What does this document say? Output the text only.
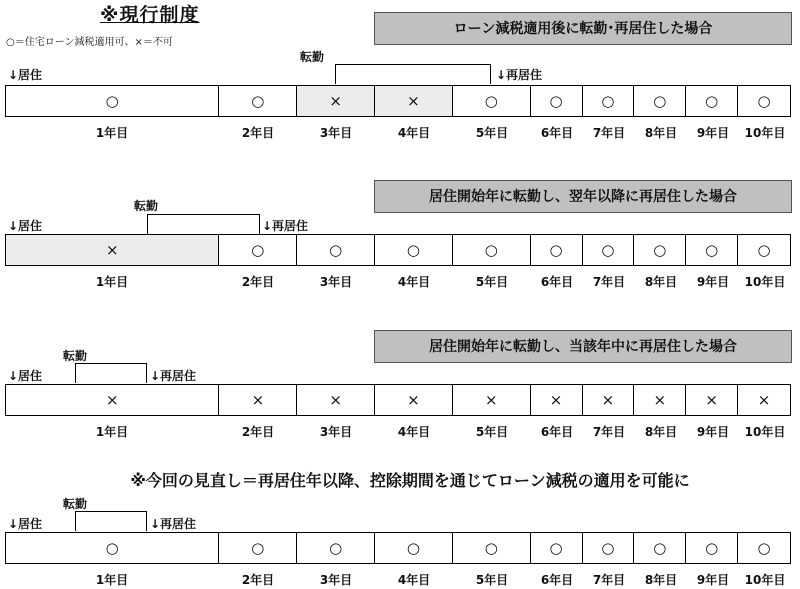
※現行制度
○＝住宅ローン減税適用可、×＝不可
ローン減税適用後に転勤･再居住した場合
↓居住
転勤
↓再居住
○	○	×	×	○	○	○	○	○	○
1年目	2年目	3年目	4年目	5年目	6年目	7年目	8年目	9年目	10年目
居住開始年に転勤し、翌年以降に再居住した場合
↓居住
転勤
↓再居住
×	○	○	○	○	○	○	○	○	○
1年目	2年目	3年目	4年目	5年目	6年目	7年目	8年目	9年目	10年目
居住開始年に転勤し、当該年中に再居住した場合
↓居住
転勤
↓再居住
×	×	×	×	×	×	×	×	×	×
1年目	2年目	3年目	4年目	5年目	6年目	7年目	8年目	9年目	10年目
※今回の見直し＝再居住年以降、控除期間を通じてローン減税の適用を可能に
↓居住
転勤
↓再居住
○	○	○	○	○	○	○	○	○	○
1年目	2年目	3年目	4年目	5年目	6年目	7年目	8年目	9年目	10年目
